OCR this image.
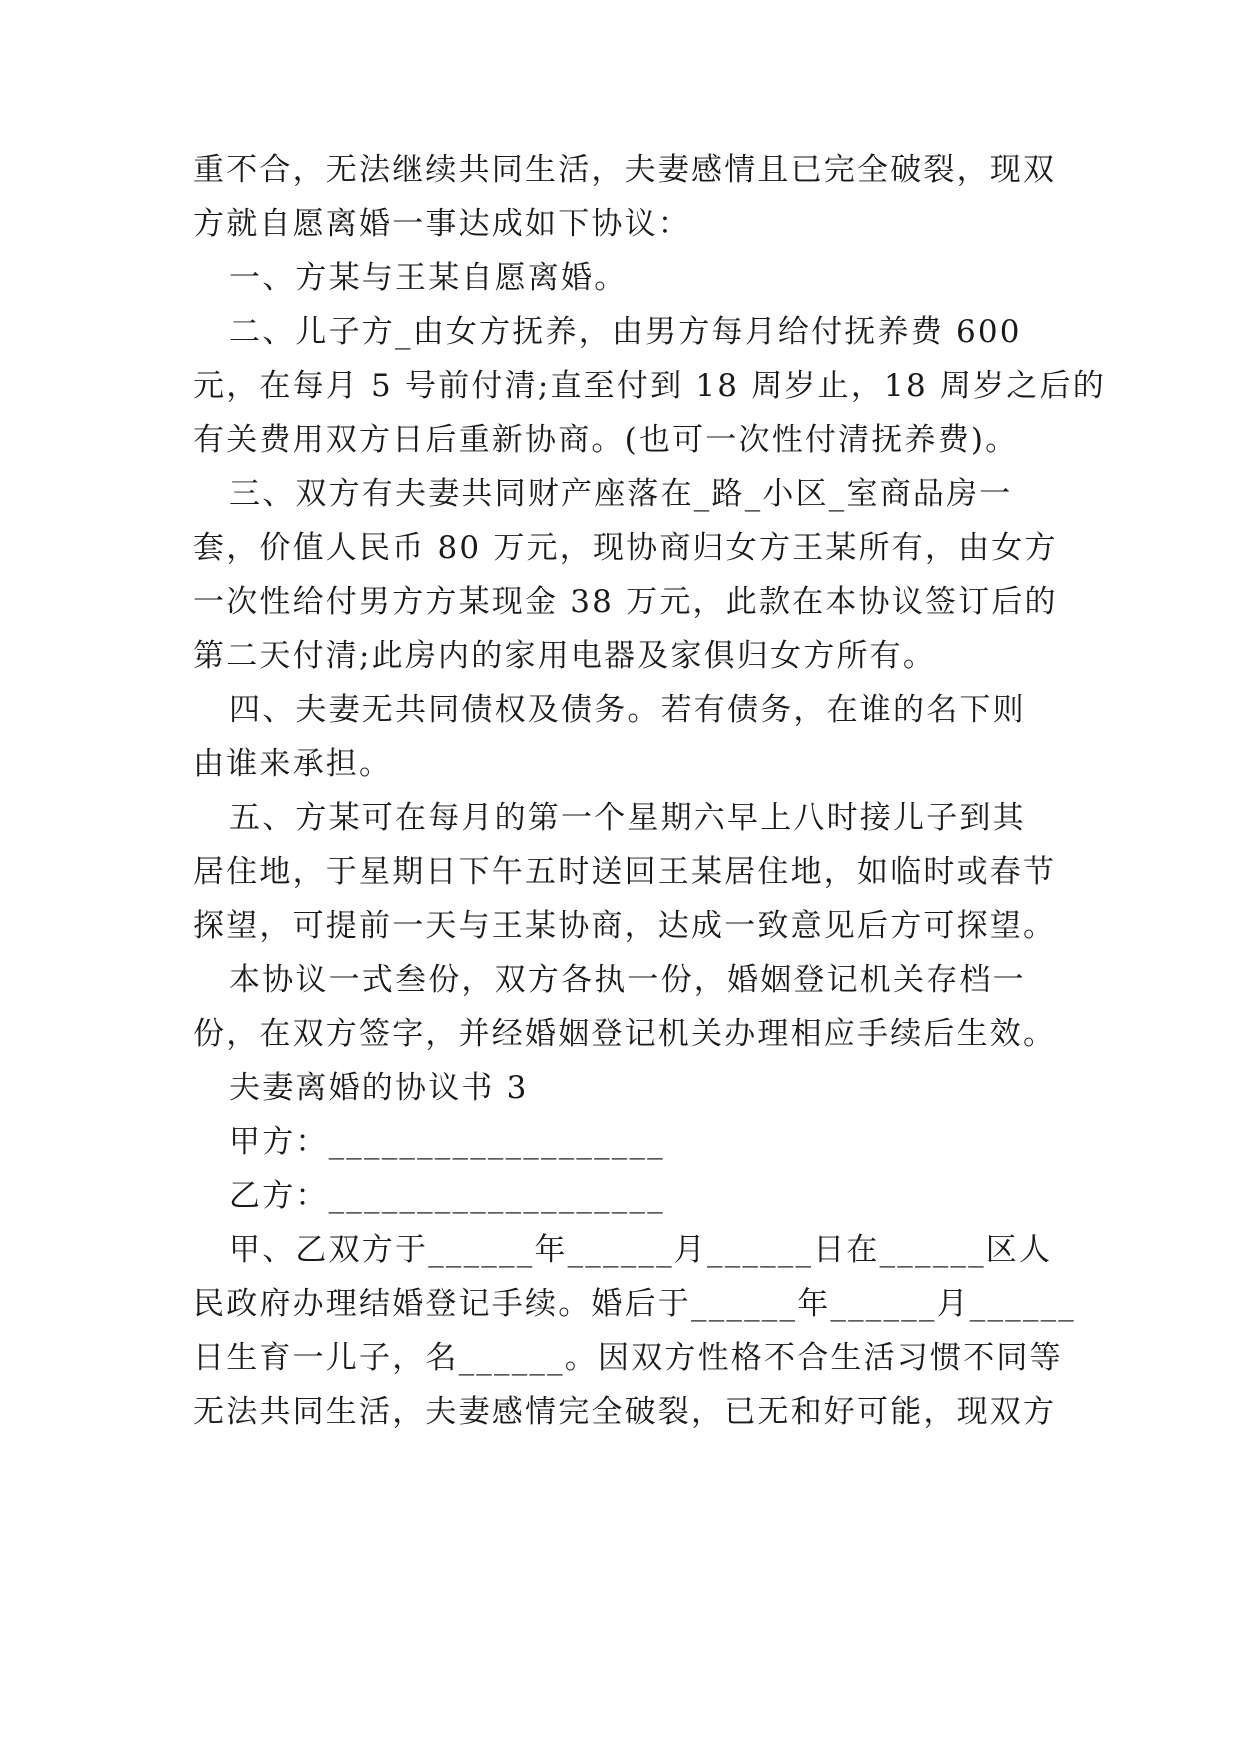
重不合，无法继续共同生活，夫妻感情且已完全破裂，现双
方就自愿离婚一事达成如下协议：
一、方某与王某自愿离婚。
二、儿子方_由女方抚养，由男方每月给付抚养费 600
元，在每月 5 号前付清;直至付到 18 周岁止，18 周岁之后的
有关费用双方日后重新协商。(也可一次性付清抚养费)。
三、双方有夫妻共同财产座落在_路_小区_室商品房一
套，价值人民币 80 万元，现协商归女方王某所有，由女方
一次性给付男方方某现金 38 万元，此款在本协议签订后的
第二天付清;此房内的家用电器及家俱归女方所有。
四、夫妻无共同债权及债务。若有债务，在谁的名下则
由谁来承担。
五、方某可在每月的第一个星期六早上八时接儿子到其
居住地，于星期日下午五时送回王某居住地，如临时或春节
探望，可提前一天与王某协商，达成一致意见后方可探望。
本协议一式叁份，双方各执一份，婚姻登记机关存档一
份，在双方签字，并经婚姻登记机关办理相应手续后生效。
夫妻离婚的协议书 3
甲方：___________________
乙方：___________________
甲、乙双方于______年______月______日在______区人
民政府办理结婚登记手续。婚后于______年______月______
日生育一儿子，名______。因双方性格不合生活习惯不同等
无法共同生活，夫妻感情完全破裂，已无和好可能，现双方
